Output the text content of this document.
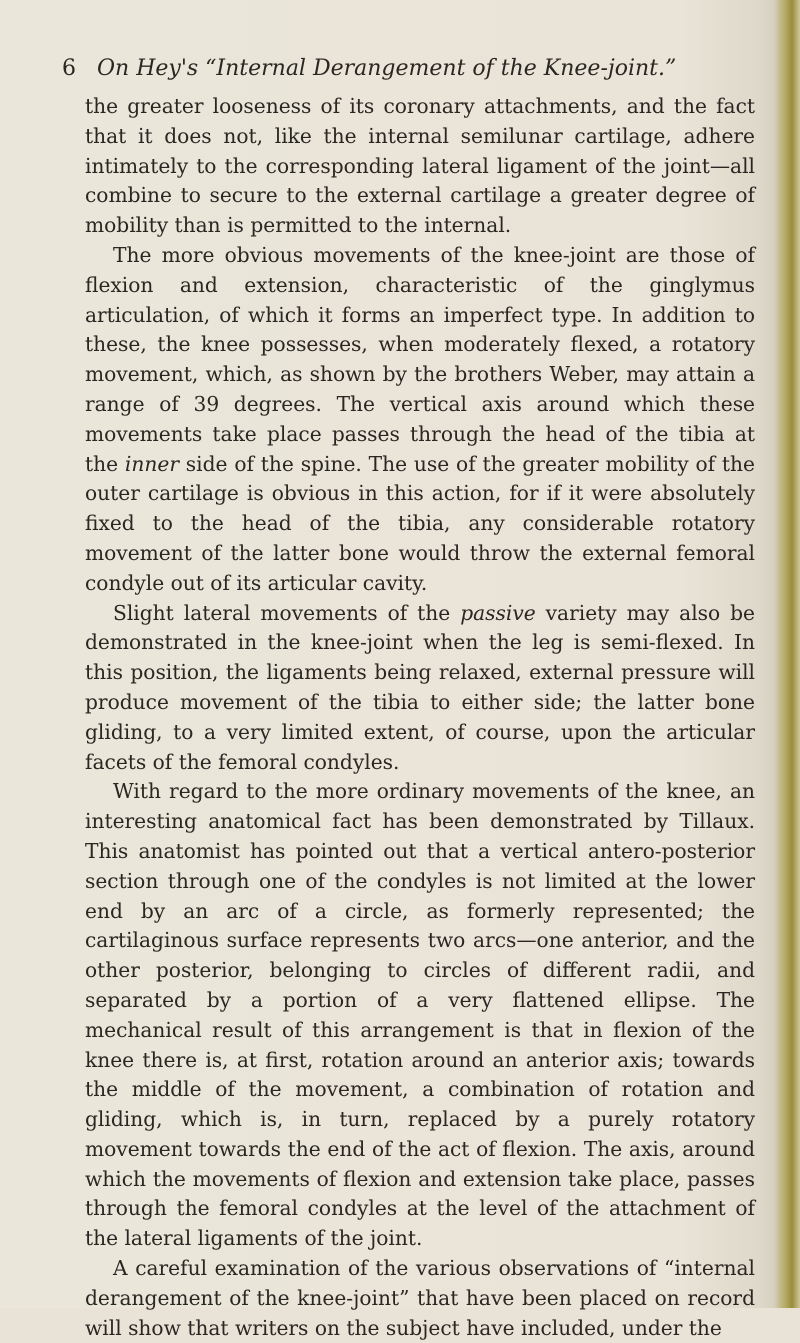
6 On Hey's “Internal Derangement of the Knee-joint.”

the greater looseness of its coronary attachments, and the fact that it does not, like the internal semilunar cartilage, adhere intimately to the corresponding lateral ligament of the joint—all combine to secure to the external cartilage a greater degree of mobility than is permitted to the internal.

The more obvious movements of the knee-joint are those of flexion and extension, characteristic of the ginglymus articulation, of which it forms an imperfect type. In addition to these, the knee possesses, when moderately flexed, a rotatory movement, which, as shown by the brothers Weber, may attain a range of 39 degrees. The vertical axis around which these movements take place passes through the head of the tibia at the inner side of the spine. The use of the greater mobility of the outer cartilage is obvious in this action, for if it were absolutely fixed to the head of the tibia, any considerable rotatory movement of the latter bone would throw the external femoral condyle out of its articular cavity.

Slight lateral movements of the passive variety may also be demonstrated in the knee-joint when the leg is semi-flexed. In this position, the ligaments being relaxed, external pressure will produce movement of the tibia to either side; the latter bone gliding, to a very limited extent, of course, upon the articular facets of the femoral condyles.

With regard to the more ordinary movements of the knee, an interesting anatomical fact has been demonstrated by Tillaux. This anatomist has pointed out that a vertical antero-posterior section through one of the condyles is not limited at the lower end by an arc of a circle, as formerly represented; the cartilaginous surface represents two arcs—one anterior, and the other posterior, belonging to circles of different radii, and separated by a portion of a very flattened ellipse. The mechanical result of this arrangement is that in flexion of the knee there is, at first, rotation around an anterior axis; towards the middle of the movement, a combination of rotation and gliding, which is, in turn, replaced by a purely rotatory movement towards the end of the act of flexion. The axis, around which the movements of flexion and extension take place, passes through the femoral condyles at the level of the attachment of the lateral ligaments of the joint.

A careful examination of the various observations of “internal derangement of the knee-joint” that have been placed on record will show that writers on the subject have included, under the
